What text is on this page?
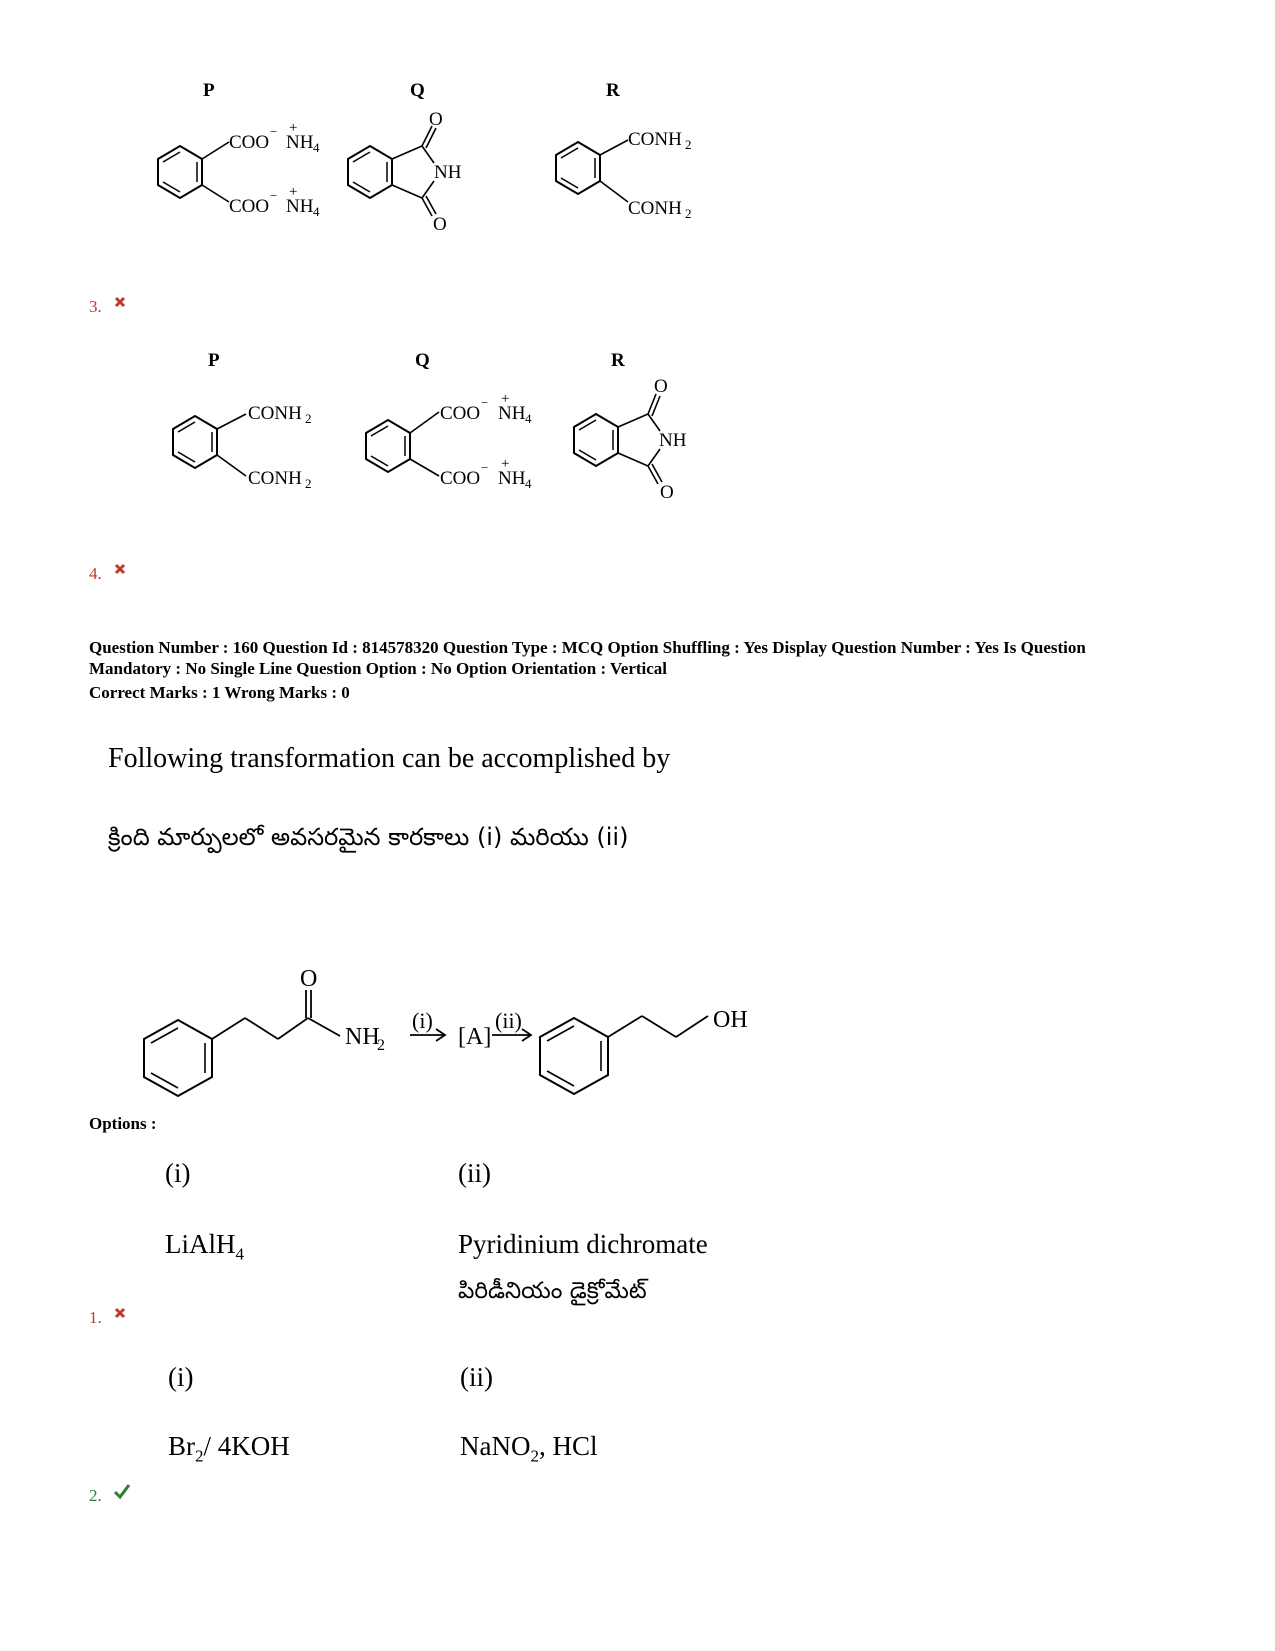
P	Q	R
COO
−
NH 4
+
COO
−
NH 4
+
O
NH
O
CONH 2
CONH 2
3.
P	Q	R
CONH 2
CONH 2
COO
−
NH 4
+
COO
−
NH 4
+
O
NH
O
4.
Question Number : 160 Question Id : 814578320 Question Type : MCQ Option Shuffling : Yes Display Question Number : Yes Is Question
Mandatory : No Single Line Question Option : No Option Orientation : Vertical
Correct Marks : 1 Wrong Marks : 0
Following transformation can be accomplished by
క్రింది మార్పులలో అవసరమైన కారకాలు (i) మరియు (ii)
O
NH
2
(i)
[A]
(ii)	OH
Options :
(i)	(ii)
LiAlH$_4$	Pyridinium dichromate
పిరిడీనియం డైక్రోమేట్
1.
(i)	(ii)
$Br_2/$ 4KOH	NaNO$_2$, HCl
2.
